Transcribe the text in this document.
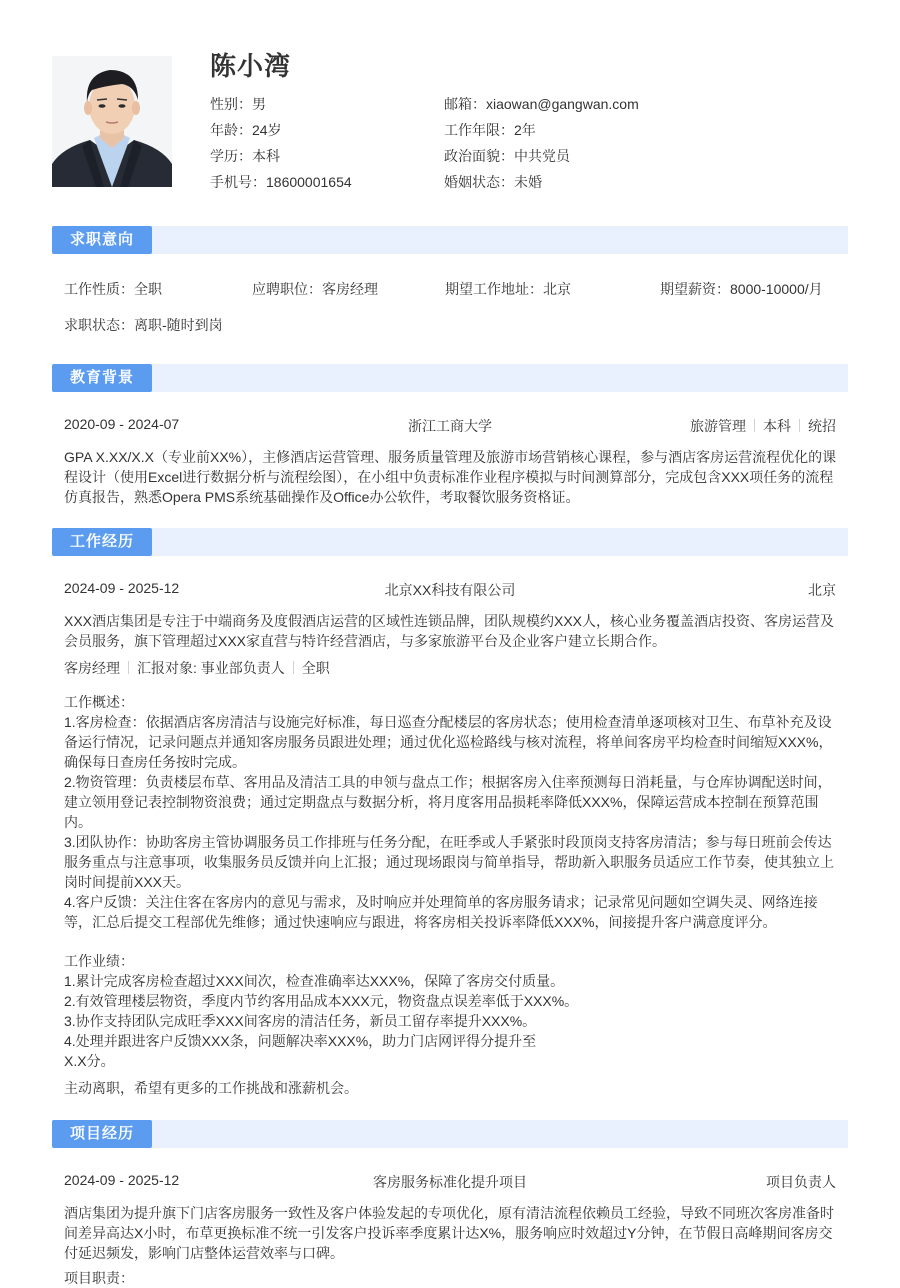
陈小湾
性别：男
年龄：24岁
学历：本科
手机号：18600001654
邮箱：xiaowan@gangwan.com
工作年限：2年
政治面貌：中共党员
婚姻状态：未婚
求职意向
工作性质：全职	应聘职位：客房经理	期望工作地址：北京	期望薪资：8000-10000/月
求职状态：离职-随时到岗
教育背景
2020-09 - 2024-07	浙江工商大学	旅游管理 本科 统招

GPA X.XX/X.X（专业前XX%），主修酒店运营管理、服务质量管理及旅游市场营销核心课程，参与酒店客房运营流程优化的课程设计（使用Excel进行数据分析与流程绘图），在小组中负责标准作业程序模拟与时间测算部分，完成包含XXX项任务的流程仿真报告，熟悉Opera PMS系统基础操作及Office办公软件，考取餐饮服务资格证。

工作经历
2024-09 - 2025-12	北京XX科技有限公司	北京

XXX酒店集团是专注于中端商务及度假酒店运营的区域性连锁品牌，团队规模约XXX人，核心业务覆盖酒店投资、客房运营及会员服务，旗下管理超过XXX家直营与特许经营酒店，与多家旅游平台及企业客户建立长期合作。

客房经理 汇报对象: 事业部负责人 全职

工作概述：

1.客房检查：依据酒店客房清洁与设施完好标准，每日巡查分配楼层的客房状态；使用检查清单逐项核对卫生、布草补充及设备运行情况，记录问题点并通知客房服务员跟进处理；通过优化巡检路线与核对流程，将单间客房平均检查时间缩短XXX%，确保每日查房任务按时完成。

2.物资管理：负责楼层布草、客用品及清洁工具的申领与盘点工作；根据客房入住率预测每日消耗量，与仓库协调配送时间，建立领用登记表控制物资浪费；通过定期盘点与数据分析，将月度客用品损耗率降低XXX%，保障运营成本控制在预算范围内。

3.团队协作：协助客房主管协调服务员工作排班与任务分配，在旺季或人手紧张时段顶岗支持客房清洁；参与每日班前会传达服务重点与注意事项，收集服务员反馈并向上汇报；通过现场跟岗与简单指导，帮助新入职服务员适应工作节奏，使其独立上岗时间提前XXX天。

4.客户反馈：关注住客在客房内的意见与需求，及时响应并处理简单的客房服务请求；记录常见问题如空调失灵、网络连接等，汇总后提交工程部优先维修；通过快速响应与跟进，将客房相关投诉率降低XXX%，间接提升客户满意度评分。

工作业绩：

1.累计完成客房检查超过XXX间次，检查准确率达XXX%，保障了客房交付质量。

2.有效管理楼层物资，季度内节约客用品成本XXX元，物资盘点误差率低于XXX%。

3.协作支持团队完成旺季XXX间客房的清洁任务，新员工留存率提升XXX%。

4.处理并跟进客户反馈XXX条，问题解决率XXX%，助力门店网评得分提升至

X.X分。

主动离职，希望有更多的工作挑战和涨薪机会。

项目经历
2024-09 - 2025-12	客房服务标准化提升项目	项目负责人

酒店集团为提升旗下门店客房服务一致性及客户体验发起的专项优化，原有清洁流程依赖员工经验，导致不同班次客房准备时间差异高达X小时，布草更换标准不统一引发客户投诉率季度累计达X%，服务响应时效超过Y分钟，在节假日高峰期间客房交付延迟频发，影响门店整体运营效率与口碑。

项目职责：
